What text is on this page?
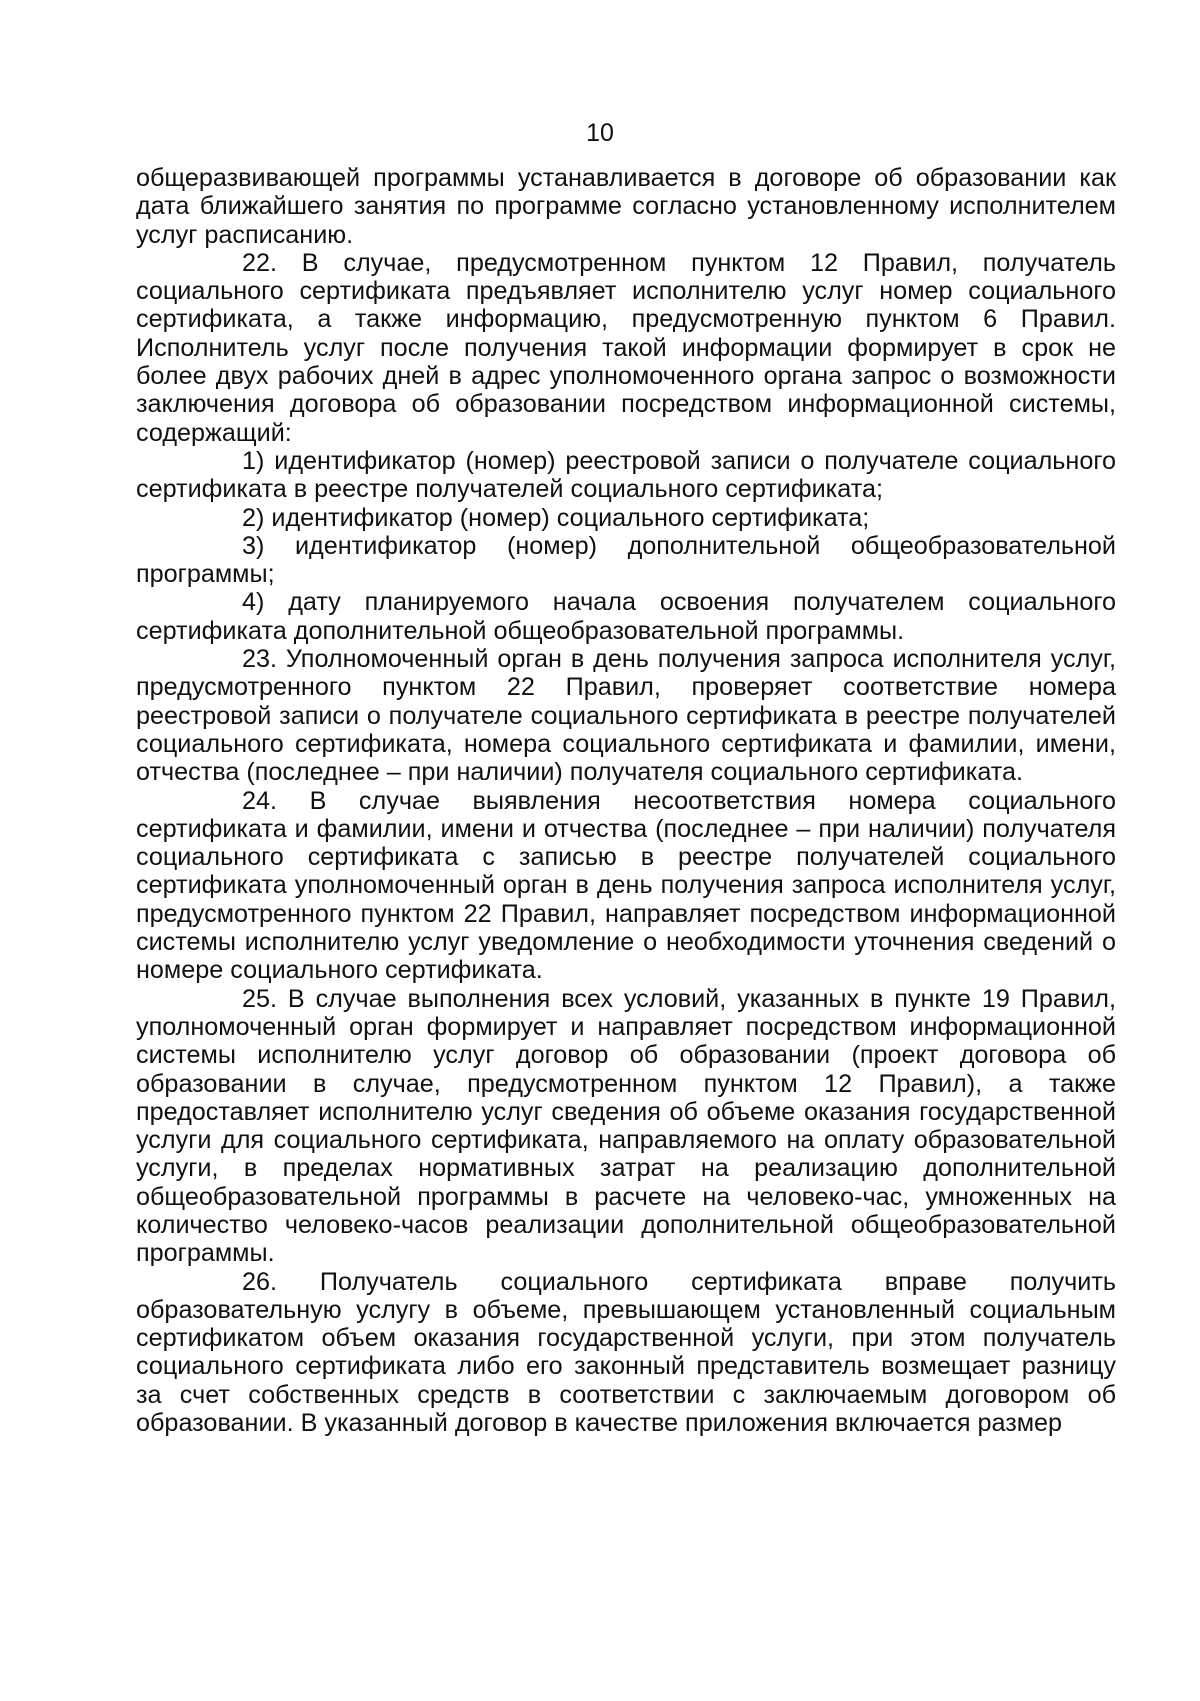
10

общеразвивающей программы устанавливается в договоре об образовании как дата ближайшего занятия по программе согласно установленному исполнителем услуг расписанию.

22. В случае, предусмотренном пунктом 12 Правил, получатель социального сертификата предъявляет исполнителю услуг номер социального сертификата, а также информацию, предусмотренную пунктом 6 Правил. Исполнитель услуг после получения такой информации формирует в срок не более двух рабочих дней в адрес уполномоченного органа запрос о возможности заключения договора об образовании посредством информационной системы, содержащий:

1) идентификатор (номер) реестровой записи о получателе социального сертификата в реестре получателей социального сертификата;

2) идентификатор (номер) социального сертификата;

3) идентификатор (номер) дополнительной общеобразовательной программы;

4) дату планируемого начала освоения получателем социального сертификата дополнительной общеобразовательной программы.

23. Уполномоченный орган в день получения запроса исполнителя услуг, предусмотренного пунктом 22 Правил, проверяет соответствие номера реестровой записи о получателе социального сертификата в реестре получателей социального сертификата, номера социального сертификата и фамилии, имени, отчества (последнее – при наличии) получателя социального сертификата.

24. В случае выявления несоответствия номера социального сертификата и фамилии, имени и отчества (последнее – при наличии) получателя социального сертификата с записью в реестре получателей социального сертификата уполномоченный орган в день получения запроса исполнителя услуг, предусмотренного пунктом 22 Правил, направляет посредством информационной системы исполнителю услуг уведомление о необходимости уточнения сведений о номере социального сертификата.

25. В случае выполнения всех условий, указанных в пункте 19 Правил, уполномоченный орган формирует и направляет посредством информационной системы исполнителю услуг договор об образовании (проект договора об образовании в случае, предусмотренном пунктом 12 Правил), а также предоставляет исполнителю услуг сведения об объеме оказания государственной услуги для социального сертификата, направляемого на оплату образовательной услуги, в пределах нормативных затрат на реализацию дополнительной общеобразовательной программы в расчете на человеко-час, умноженных на количество человеко-часов реализации дополнительной общеобразовательной программы.

26. Получатель социального сертификата вправе получить образовательную услугу в объеме, превышающем установленный социальным сертификатом объем оказания государственной услуги, при этом получатель социального сертификата либо его законный представитель возмещает разницу за счет собственных средств в соответствии с заключаемым договором об образовании. В указанный договор в качестве приложения включается размер
